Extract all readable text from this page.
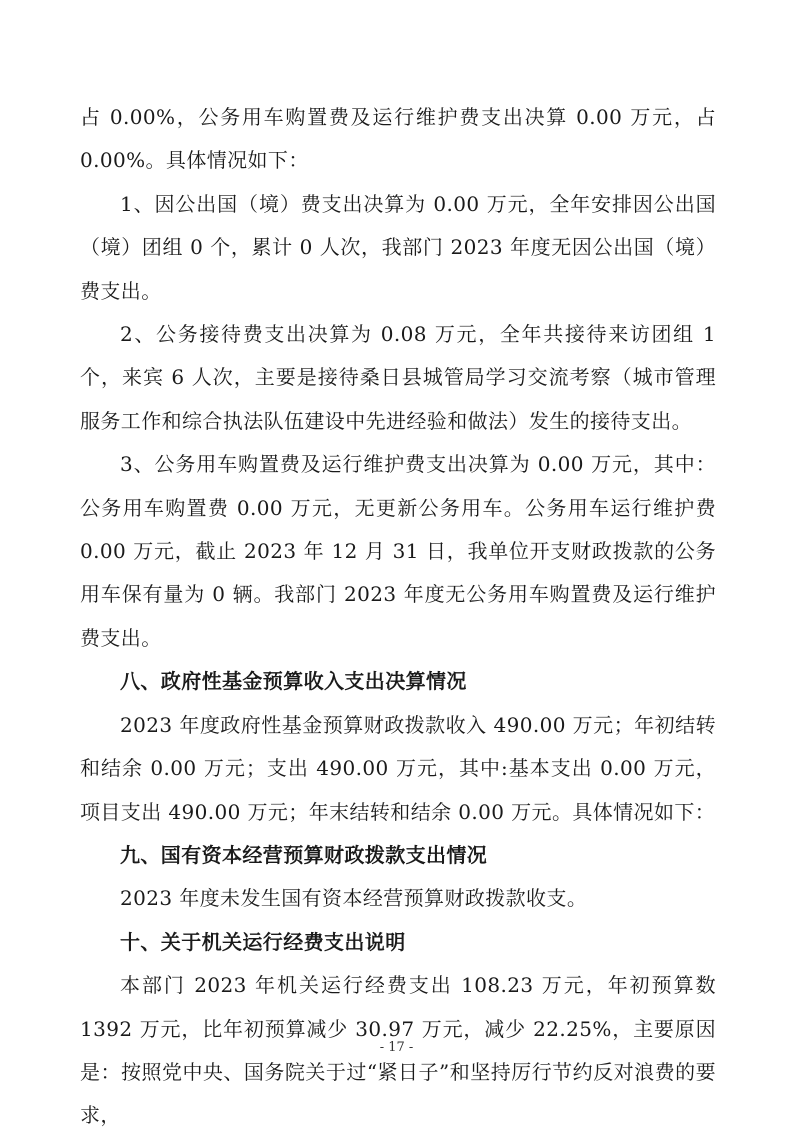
占 0.00%，公务用车购置费及运行维护费支出决算 0.00 万元，占 0.00%。具体情况如下：

1、因公出国（境）费支出决算为 0.00 万元，全年安排因公出国（境）团组 0 个，累计 0 人次，我部门 2023 年度无因公出国（境）费支出。

2、公务接待费支出决算为 0.08 万元，全年共接待来访团组 1 个，来宾 6 人次，主要是接待桑日县城管局学习交流考察（城市管理服务工作和综合执法队伍建设中先进经验和做法）发生的接待支出。

3、公务用车购置费及运行维护费支出决算为 0.00 万元，其中：公务用车购置费 0.00 万元，无更新公务用车。公务用车运行维护费 0.00 万元，截止 2023 年 12 月 31 日，我单位开支财政拨款的公务用车保有量为 0 辆。我部门 2023 年度无公务用车购置费及运行维护费支出。

八、政府性基金预算收入支出决算情况

2023 年度政府性基金预算财政拨款收入 490.00 万元；年初结转和结余 0.00 万元；支出 490.00 万元，其中:基本支出 0.00 万元，项目支出 490.00 万元；年末结转和结余 0.00 万元。具体情况如下：

九、国有资本经营预算财政拨款支出情况

2023 年度未发生国有资本经营预算财政拨款收支。

十、关于机关运行经费支出说明

本部门 2023 年机关运行经费支出 108.23 万元，年初预算数 1392 万元，比年初预算减少 30.97 万元，减少 22.25%，主要原因是：按照党中央、国务院关于过“紧日子”和坚持厉行节约反对浪费的要求，

- 17 -
